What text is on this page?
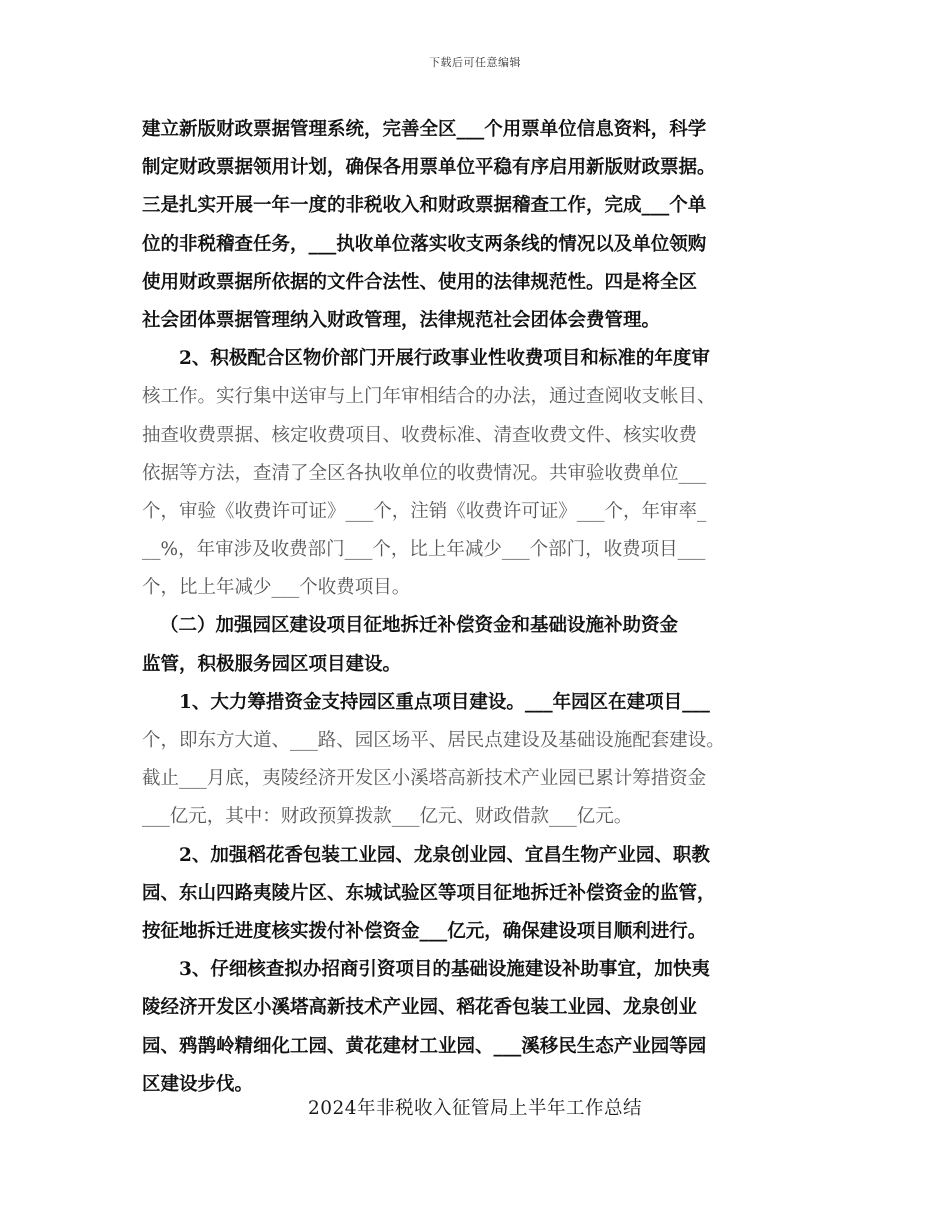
下载后可任意编辑
建立新版财政票据管理系统，完善全区___个用票单位信息资料，科学
制定财政票据领用计划，确保各用票单位平稳有序启用新版财政票据。
三是扎实开展一年一度的非税收入和财政票据稽查工作，完成___个单
位的非税稽查任务，___执收单位落实收支两条线的情况以及单位领购
使用财政票据所依据的文件合法性、使用的法律规范性。四是将全区
社会团体票据管理纳入财政管理，法律规范社会团体会费管理。
2、积极配合区物价部门开展行政事业性收费项目和标准的年度审
核工作。实行集中送审与上门年审相结合的办法，通过查阅收支帐目、
抽查收费票据、核定收费项目、收费标准、清查收费文件、核实收费
依据等方法，查清了全区各执收单位的收费情况。共审验收费单位___
个，审验《收费许可证》___个，注销《收费许可证》___个，年审率_
__%，年审涉及收费部门___个，比上年减少___个部门，收费项目___
个，比上年减少___个收费项目。
（二）加强园区建设项目征地拆迁补偿资金和基础设施补助资金
监管，积极服务园区项目建设。
1、大力筹措资金支持园区重点项目建设。___年园区在建项目___
个，即东方大道、___路、园区场平、居民点建设及基础设施配套建设。
截止___月底，夷陵经济开发区小溪塔高新技术产业园已累计筹措资金
___亿元，其中：财政预算拨款___亿元、财政借款___亿元。
2、加强稻花香包装工业园、龙泉创业园、宜昌生物产业园、职教
园、东山四路夷陵片区、东城试验区等项目征地拆迁补偿资金的监管，
按征地拆迁进度核实拨付补偿资金___亿元，确保建设项目顺利进行。
3、仔细核查拟办招商引资项目的基础设施建设补助事宜，加快夷
陵经济开发区小溪塔高新技术产业园、稻花香包装工业园、龙泉创业
园、鸦鹊岭精细化工园、黄花建材工业园、___溪移民生态产业园等园
区建设步伐。
2024年非税收入征管局上半年工作总结
